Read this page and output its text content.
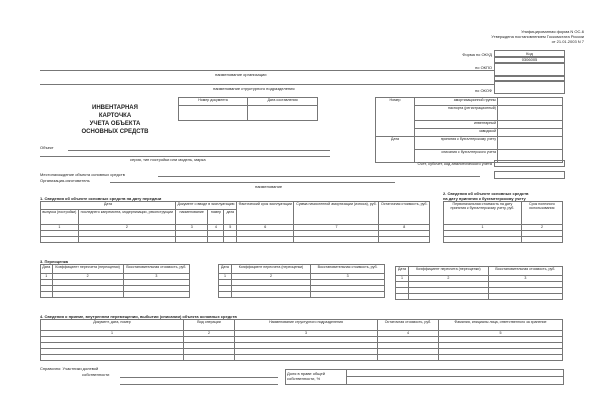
Унифицированная форма N ОС-6
Утверждена постановлением Госкомстата России
от 21.01.2003 N 7
Код
Форма по ОКУД
0306005
по ОКПО
по ОКОФ
наименование организации
наименование структурного подразделения
ИНВЕНТАРНАЯ
КАРТОЧКА
УЧЕТА ОБЪЕКТА
ОСНОВНЫХ СРЕДСТВ
Номер документа	Дата составления
		Номер	амортизационной группы	
	паспорта (регистрационный)	
	инвентарный	
	заводской	
Дата	принятия к бухгалтерскому учету	
	списания с бухгалтерского учета	
Счет, субсчет, код аналитического учета
Объект
серия, тип постройки или модель, марка
Местонахождение объекта основных средств
Организация-изготовитель
наименование
1. Сведения об объекте основных средств на дату передачи
Дата		Документ о вводе в эксплуатацию			Фактический срок эксплуатации	Сумма начисленной амортизации (износа), руб.	Остаточная стоимость, руб.
выпуска (постройки)	последнего капремонта, модернизации, реконструкции	наименование	номер	дата			
1	2	3	4	5	6	7	8

2. Сведения об объекте основных средств
на дату принятия к бухгалтерскому учету
Первоначальная стоимость на дату принятия к бухгалтерскому учету, руб.	Срок полезного использования
1	2

3. Переоценка
Дата	Коэффициент пересчета (переоценки)	Восстановительная стоимость, руб.
1	2	3

Дата	Коэффициент пересчета (переоценки)	Восстановительная стоимость, руб.
1	2	3

Дата	Коэффициент пересчета (переоценки)	Восстановительная стоимость, руб.
1	2	3

4. Сведения о приеме, внутреннем перемещении, выбытии (списании) объекта основных средств
Документ, дата, номер	Вид операции	Наименование структурного подразделения	Остаточная стоимость, руб.	Фамилия, инициалы лица, ответственного за хранение
1	2	3	4	5

Справочно: Участники долевой
собственности	Доля в праве общей собственности, %
